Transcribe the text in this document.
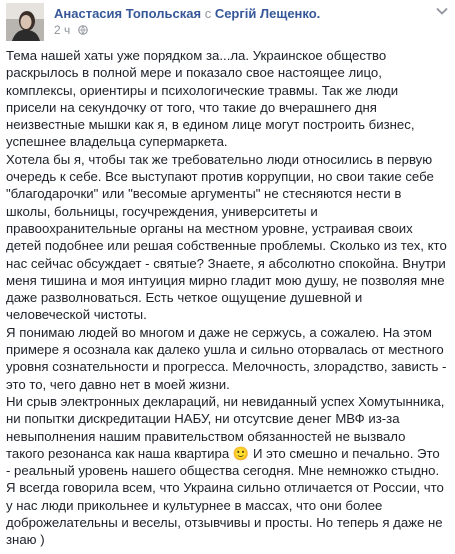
Анастасия Топольская с Сергій Лещенко.
2 ч

Тема нашей хаты уже порядком за...ла. Украинское общество раскрылось в полной мере и показало свое настоящее лицо, комплексы, ориентиры и психологические травмы. Так же люди присели на секундочку от того, что такие до вчерашнего дня неизвестные мышки как я, в едином лице могут построить бизнес, успешнее владельца супермаркета.

Хотела бы я, чтобы так же требовательно люди относились в первую очередь к себе. Все выступают против коррупции, но свои такие себе "благодарочки" или "весомые аргументы" не стесняются нести в школы, больницы, госучреждения, университеты и правоохранительные органы на местном уровне, устраивая своих детей подобнее или решая собственные проблемы. Сколько из тех, кто нас сейчас обсуждает - святые? Знаете, я абсолютно спокойна. Внутри меня тишина и моя интуиция мирно гладит мою душу, не позволяя мне даже разволноваться. Есть четкое ощущение душевной и человеческой чистоты.

Я понимаю людей во многом и даже не сержусь, а сожалею. На этом примере я осознала как далеко ушла и сильно оторвалась от местного уровня сознательности и прогресса. Мелочность, злорадство, зависть - это то, чего давно нет в моей жизни.

Ни срыв электронных деклараций, ни невиданный успех Хомутынника, ни попытки дискредитации НАБУ, ни отсутсвие денег МВФ из-за невыполнения нашим правительством обязанностей не вызвало такого резонанса как наша квартира 🙂 И это смешно и печально. Это - реальный уровень нашего общества сегодня. Мне немножко стыдно. Я всегда говорила всем, что Украина сильно отличается от России, что у нас люди прикольнее и культурнее в массах, что они более доброжелательны и веселы, отзывчивы и просты. Но теперь я даже не знаю )
